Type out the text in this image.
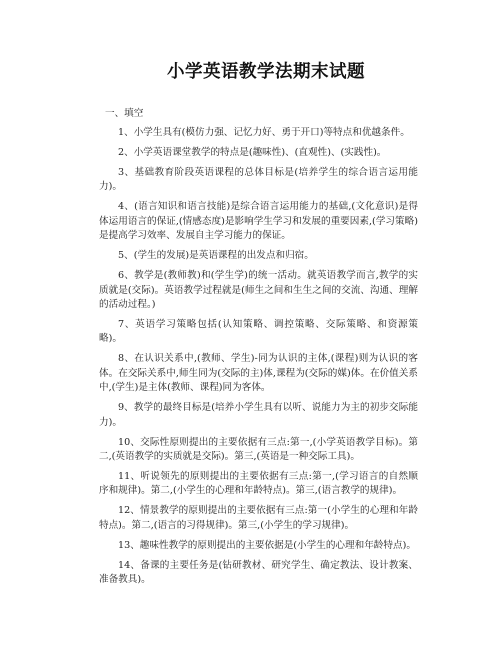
小学英语教学法期末试题
一、填空

1、小学生具有(模仿力强、记忆力好、勇于开口)等特点和优越条件。

2、小学英语课堂教学的特点是(趣味性)、(直观性)、(实践性)。

3、基础教育阶段英语课程的总体目标是(培养学生的综合语言运用能力)。

4、(语言知识和语言技能)是综合语言运用能力的基础,(文化意识)是得体运用语言的保证,(情感态度)是影响学生学习和发展的重要因素,(学习策略)是提高学习效率、发展自主学习能力的保证。

5、(学生的发展)是英语课程的出发点和归宿。

6、教学是(教师教)和(学生学)的统一活动。就英语教学而言,教学的实质就是(交际)。英语教学过程就是(师生之间和生生之间的交流、沟通、理解的活动过程。)

7、英语学习策略包括(认知策略、调控策略、交际策略、和资源策略)。

8、在认识关系中,(教师、学生)-同为认识的主体,(课程)则为认识的客体。在交际关系中,师生同为(交际的主)体,课程为(交际的媒)体。在价值关系中,(学生)是主体(教师、课程)同为客体。

9、教学的最终目标是(培养小学生具有以听、说能力为主的初步交际能力)。

10、交际性原则提出的主要依据有三点:第一,(小学英语教学目标)。第二,(英语教学的实质就是交际)。第三,(英语是一种交际工具)。

11、听说领先的原则提出的主要依据有三点:第一,(学习语言的自然顺序和规律)。第二,(小学生的心理和年龄特点)。第三,(语言教学的规律)。

12、情景教学的原则提出的主要依据有三点:第一(小学生的心理和年龄特点)。第二,(语言的习得规律)。第三,(小学生的学习规律)。

13、趣味性教学的原则提出的主要依据是(小学生的心理和年龄特点)。

14、备课的主要任务是(钻研教材、研究学生、确定教法、设计教案、准备教具)。
